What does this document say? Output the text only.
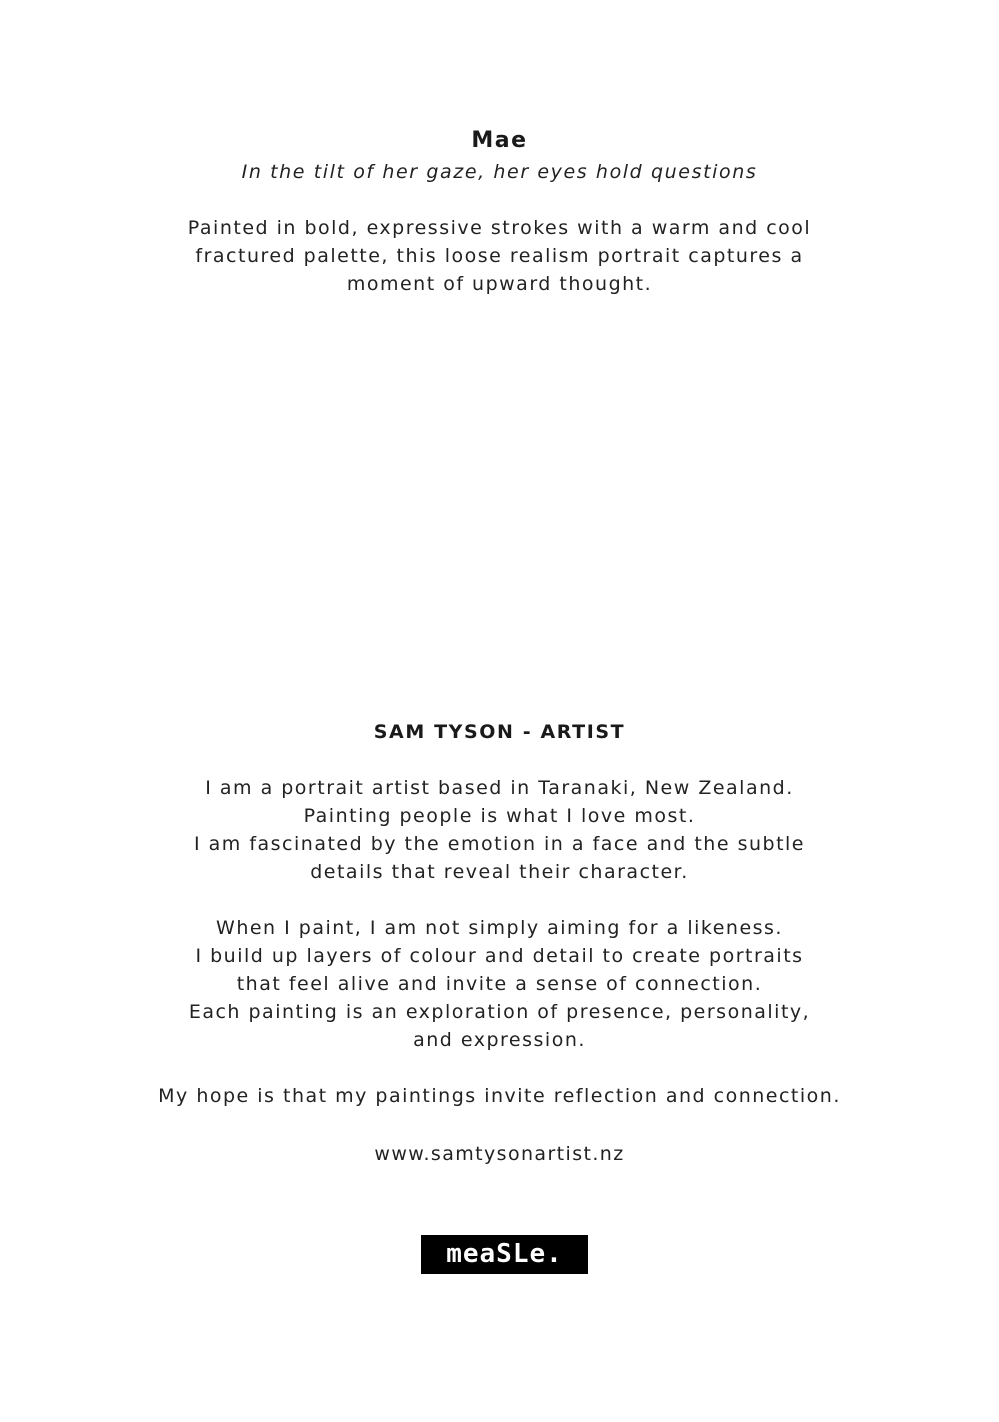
Mae

In the tilt of her gaze, her eyes hold questions

Painted in bold, expressive strokes with a warm and cool
fractured palette, this loose realism portrait captures a
moment of upward thought.
SAM TYSON - ARTIST
I am a portrait artist based in Taranaki, New Zealand.
Painting people is what I love most.
I am fascinated by the emotion in a face and the subtle
details that reveal their character.
When I paint, I am not simply aiming for a likeness.
I build up layers of colour and detail to create portraits
that feel alive and invite a sense of connection.
Each painting is an exploration of presence, personality,
and expression.
My hope is that my paintings invite reflection and connection.

www.samtysonartist.nz

meaSLe.
